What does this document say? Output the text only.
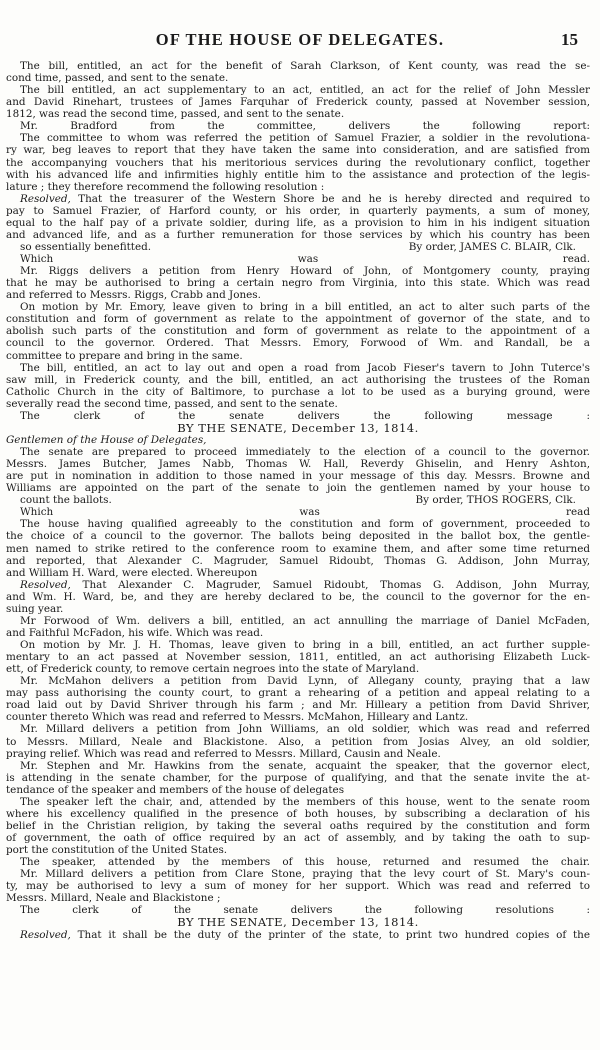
OF THE HOUSE OF DELEGATES.	15
The bill, entitled, an act for the benefit of Sarah Clarkson, of Kent county, was read the se-
cond time, passed, and sent to the senate.
The bill entitled, an act supplementary to an act, entitled, an act for the relief of John Messler
and David Rinehart, trustees of James Farquhar of Frederick county, passed at November session,
1812, was read the second time, passed, and sent to the senate.
Mr. Bradford from the committee, delivers the following report:
The committee to whom was referred the petition of Samuel Frazier, a soldier in the revolutiona-
ry war, beg leaves to report that they have taken the same into consideration, and are satisfied from
the accompanying vouchers that his meritorious services during the revolutionary conflict, together
with his advanced life and infirmities highly entitle him to the assistance and protection of the legis-
lature ; they therefore recommend the following resolution :
Resolved, That the treasurer of the Western Shore be and he is hereby directed and required to
pay to Samuel Frazier, of Harford county, or his order, in quarterly payments, a sum of money,
equal to the half pay of a private soldier, during life, as a provision to him in his indigent situation
and advanced life, and as a further remuneration for those services by which his country has been
so essentially benefitted.	By order, JAMES C. BLAIR, Clk.
Which was read.
Mr. Riggs delivers a petition from Henry Howard of John, of Montgomery county, praying
that he may be authorised to bring a certain negro from Virginia, into this state. Which was read
and referred to Messrs. Riggs, Crabb and Jones.
On motion by Mr. Emory, leave given to bring in a bill entitled, an act to alter such parts of the
constitution and form of government as relate to the appointment of governor of the state, and to
abolish such parts of the constitution and form of government as relate to the appointment of a
council to the governor. Ordered. That Messrs. Emory, Forwood of Wm. and Randall, be a
committee to prepare and bring in the same.
The bill, entitled, an act to lay out and open a road from Jacob Fieser's tavern to John Tuterce's
saw mill, in Frederick county, and the bill, entitled, an act authorising the trustees of the Roman
Catholic Church in the city of Baltimore, to purchase a lot to be used as a burying ground, were
severally read the second time, passed, and sent to the senate.
The clerk of the senate delivers the following message :
BY THE SENATE, December 13, 1814.
Gentlemen of the House of Delegates,
The senate are prepared to proceed immediately to the election of a council to the governor.
Messrs. James Butcher, James Nabb, Thomas W. Hall, Reverdy Ghiselin, and Henry Ashton,
are put in nomination in addition to those named in your message of this day. Messrs. Browne and
Williams are appointed on the part of the senate to join the gentlemen named by your house to
count the ballots.	By order, THOS ROGERS, Clk.
Which was read
The house having qualified agreeably to the constitution and form of government, proceeded to
the choice of a council to the governor. The ballots being deposited in the ballot box, the gentle-
men named to strike retired to the conference room to examine them, and after some time returned
and reported, that Alexander C. Magruder, Samuel Ridoubt, Thomas G. Addison, John Murray,
and William H. Ward, were elected. Whereupon
Resolved, That Alexander C. Magruder, Samuel Ridoubt, Thomas G. Addison, John Murray,
and Wm. H. Ward, be, and they are hereby declared to be, the council to the governor for the en-
suing year.
Mr Forwood of Wm. delivers a bill, entitled, an act annulling the marriage of Daniel McFaden,
and Faithful McFadon, his wife. Which was read.
On motion by Mr. J. H. Thomas, leave given to bring in a bill, entitled, an act further supple-
mentary to an act passed at November session, 1811, entitled, an act authorising Elizabeth Luck-
ett, of Frederick county, to remove certain negroes into the state of Maryland.
Mr. McMahon delivers a petition from David Lynn, of Allegany county, praying that a law
may pass authorising the county court, to grant a rehearing of a petition and appeal relating to a
road laid out by David Shriver through his farm ; and Mr. Hilleary a petition from David Shriver,
counter thereto Which was read and referred to Messrs. McMahon, Hilleary and Lantz.
Mr. Millard delivers a petition from John Williams, an old soldier, which was read and referred
to Messrs. Millard, Neale and Blackistone. Also, a petition from Josias Alvey, an old soldier,
praying relief. Which was read and referred to Messrs. Millard, Causin and Neale.
Mr. Stephen and Mr. Hawkins from the senate, acquaint the speaker, that the governor elect,
is attending in the senate chamber, for the purpose of qualifying, and that the senate invite the at-
tendance of the speaker and members of the house of delegates
The speaker left the chair, and, attended by the members of this house, went to the senate room
where his excellency qualified in the presence of both houses, by subscribing a declaration of his
belief in the Christian religion, by taking the several oaths required by the constitution and form
of government, the oath of office required by an act of assembly, and by taking the oath to sup-
port the constitution of the United States.
The speaker, attended by the members of this house, returned and resumed the chair.
Mr. Millard delivers a petition from Clare Stone, praying that the levy court of St. Mary's coun-
ty, may be authorised to levy a sum of money for her support. Which was read and referred to
Messrs. Millard, Neale and Blackistone ;
The clerk of the senate delivers the following resolutions :
BY THE SENATE, December 13, 1814.
Resolved, That it shall be the duty of the printer of the state, to print two hundred copies of the
